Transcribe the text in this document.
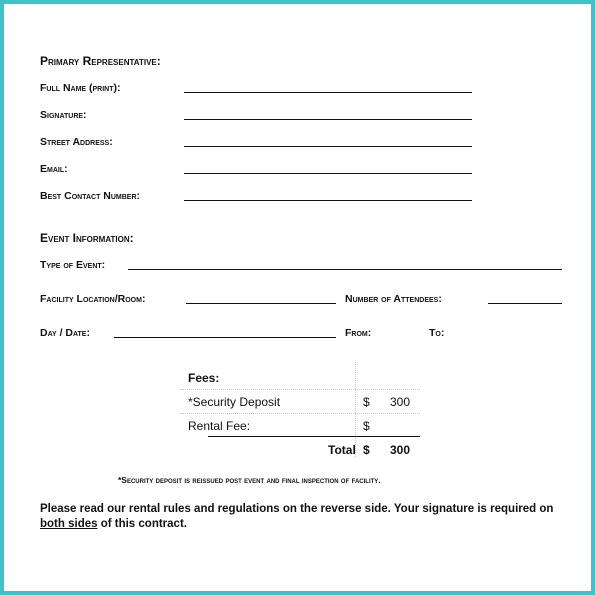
Primary Representative:
Full Name (print):
Signature:
Street Address:
Email:
Best Contact Number:
Event Information:
Type of Event:
Facility Location/Room:	Number of Attendees:
Day / Date:	From:	To:
Fees:
*Security Deposit	$ 300
Rental Fee:	$
Total $ 300
*Security deposit is reissued post event and final inspection of facility.
Please read our rental rules and regulations on the reverse side. Your signature is required on
both sides of this contract.
